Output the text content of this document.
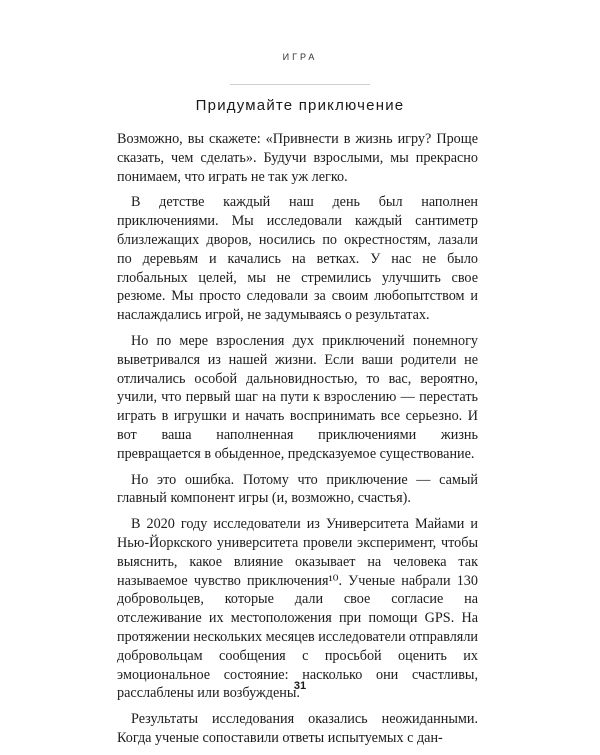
ИГРА
Придумайте приключение

Возможно, вы скажете: «Привнести в жизнь игру? Проще сказать, чем сделать». Будучи взрослыми, мы прекрасно понимаем, что играть не так уж легко.

В детстве каждый наш день был наполнен приключениями. Мы исследовали каждый сантиметр близлежащих дворов, носились по окрестностям, лазали по деревьям и качались на ветках. У нас не было глобальных целей, мы не стремились улучшить свое резюме. Мы просто следовали за своим любопытством и наслаждались игрой, не задумываясь о результатах.

Но по мере взросления дух приключений понемногу выветривался из нашей жизни. Если ваши родители не отличались особой дальновидностью, то вас, вероятно, учили, что первый шаг на пути к взрослению — перестать играть в игрушки и начать воспринимать все серьезно. И вот ваша наполненная приключениями жизнь превращается в обыденное, предсказуемое существование.

Но это ошибка. Потому что приключение — самый главный компонент игры (и, возможно, счастья).

В 2020 году исследователи из Университета Майами и Нью-Йоркского университета провели эксперимент, чтобы выяснить, какое влияние оказывает на человека так называемое чувство приключения¹⁰. Ученые набрали 130 добровольцев, которые дали свое согласие на отслеживание их местоположения при помощи GPS. На протяжении нескольких месяцев исследователи отправляли добровольцам сообщения с просьбой оценить их эмоциональное состояние: насколько они счастливы, расслаблены или возбуждены.

Результаты исследования оказались неожиданными. Когда ученые сопоставили ответы испытуемых с дан-

31
